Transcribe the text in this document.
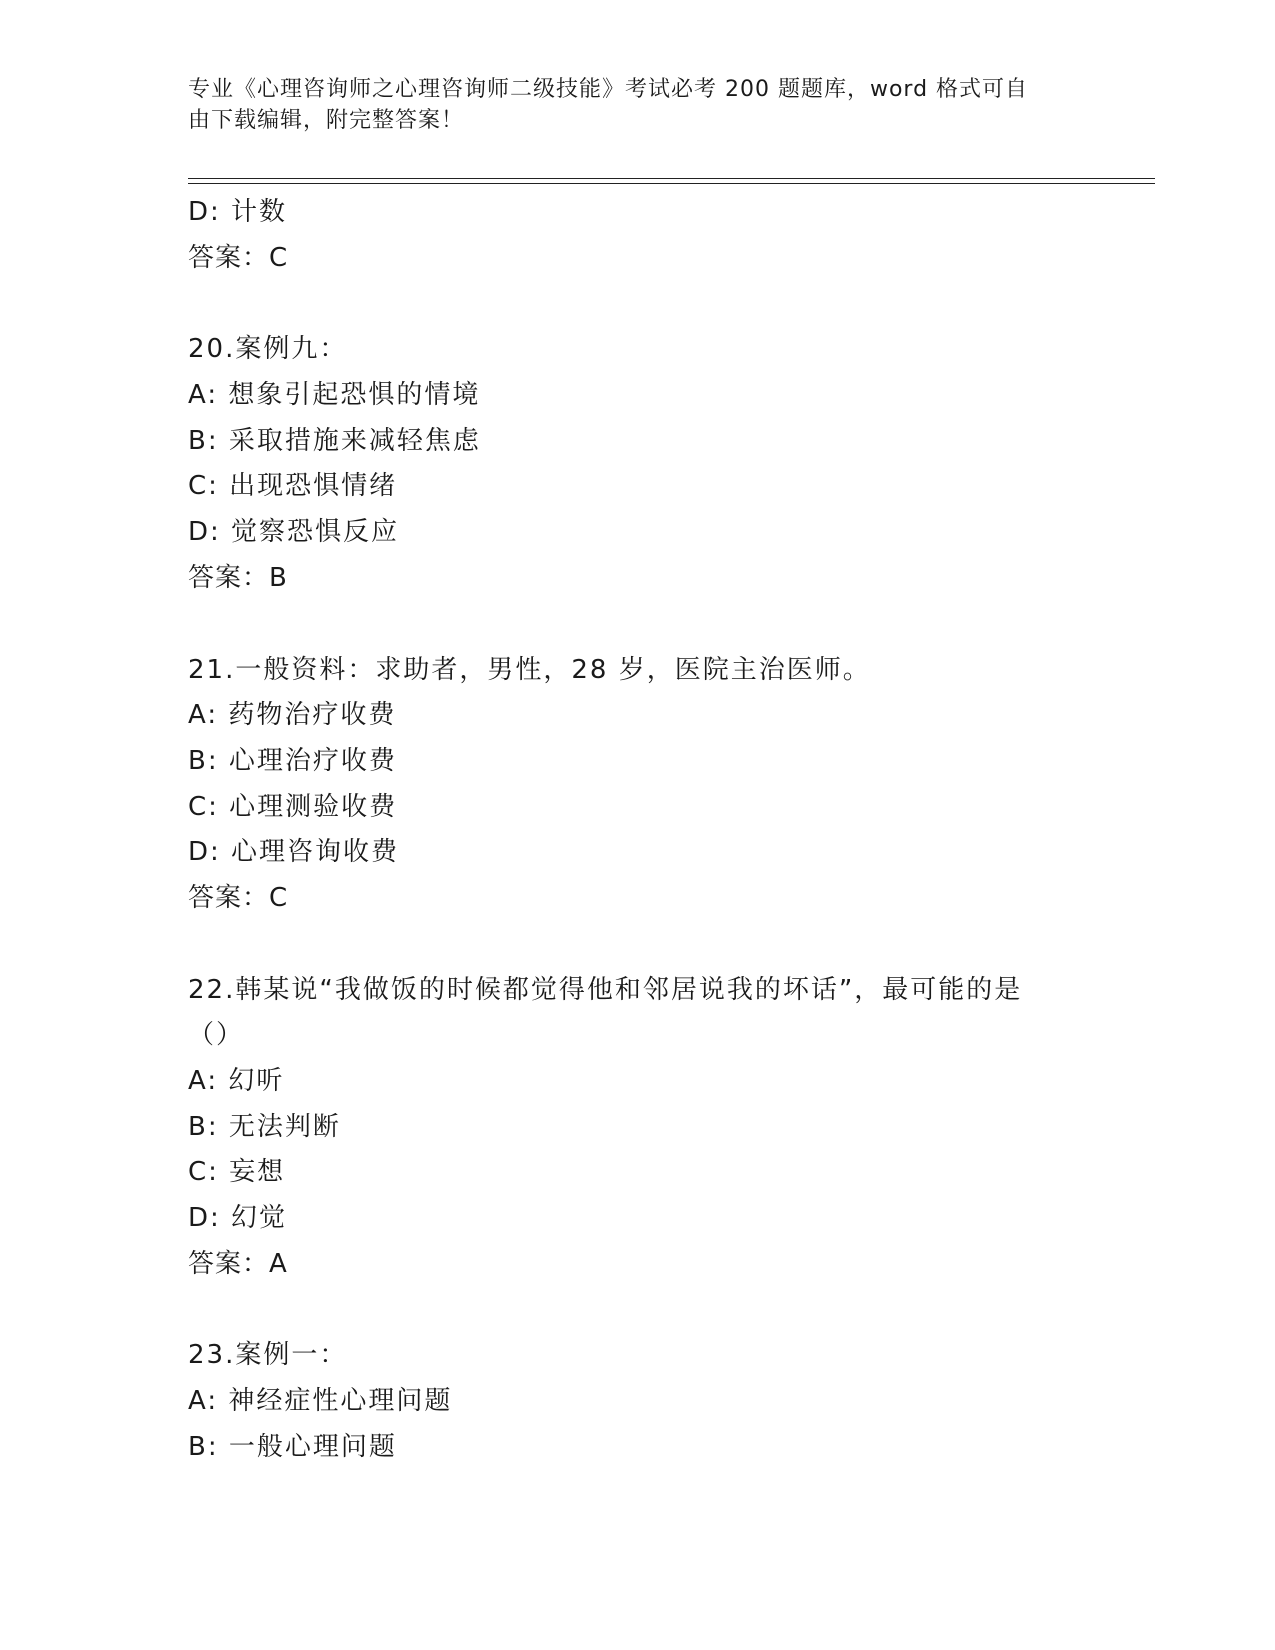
专业《心理咨询师之心理咨询师二级技能》考试必考 200 题题库，word 格式可自

由下载编辑，附完整答案！

D: 计数

答案：C

20.案例九：

A: 想象引起恐惧的情境

B: 采取措施来减轻焦虑

C: 出现恐惧情绪

D: 觉察恐惧反应

答案：B

21.一般资料：求助者，男性，28 岁，医院主治医师。

A: 药物治疗收费

B: 心理治疗收费

C: 心理测验收费

D: 心理咨询收费

答案：C

22.韩某说“我做饭的时候都觉得他和邻居说我的坏话”，最可能的是

（）

A: 幻听

B: 无法判断

C: 妄想

D: 幻觉

答案：A

23.案例一：

A: 神经症性心理问题

B: 一般心理问题
